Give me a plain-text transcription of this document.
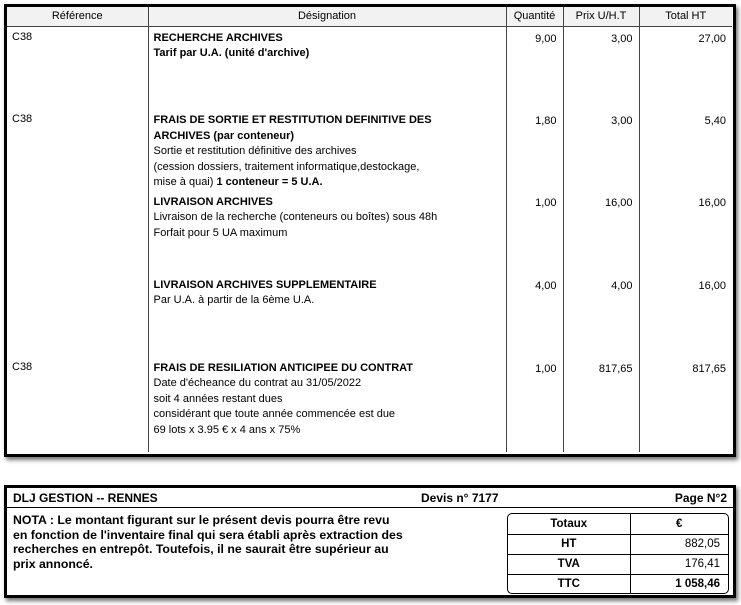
Référence	Désignation	Quantité	Prix U/H.T	Total HT
C38	RECHERCHE ARCHIVES
Tarif par U.A. (unité d'archive)	9,00	3,00	27,00
C38	FRAIS DE SORTIE ET RESTITUTION DEFINITIVE DES
ARCHIVES (par conteneur)
Sortie et restitution définitive des archives
(cession dossiers, traitement informatique,destockage,
mise à quai) 1 conteneur = 5 U.A.	1,80	3,00	5,40

	LIVRAISON ARCHIVES
Livraison de la recherche (conteneurs ou boîtes) sous 48h
Forfait pour 5 UA maximum	1,00	16,00	16,00

	LIVRAISON ARCHIVES SUPPLEMENTAIRE
Par U.A. à partir de la 6ème U.A.	4,00	4,00	16,00
C38	FRAIS DE RESILIATION ANTICIPEE DU CONTRAT
Date d'écheance du contrat au 31/05/2022
soit 4 années restant dues
considérant que toute année commencée est due
69 lots x 3.95 € x 4 ans x 75%	1,00	817,65	817,65
DLJ GESTION -- RENNES	Devis n° 7177	Page N°2
NOTA : Le montant figurant sur le présent devis pourra être revu
en fonction de l'inventaire final qui sera établi après extraction des
recherches en entrepôt. Toutefois, il ne saurait être supérieur au
prix annoncé.
Totaux	€
HT	882,05
TVA	176,41
TTC	1 058,46
